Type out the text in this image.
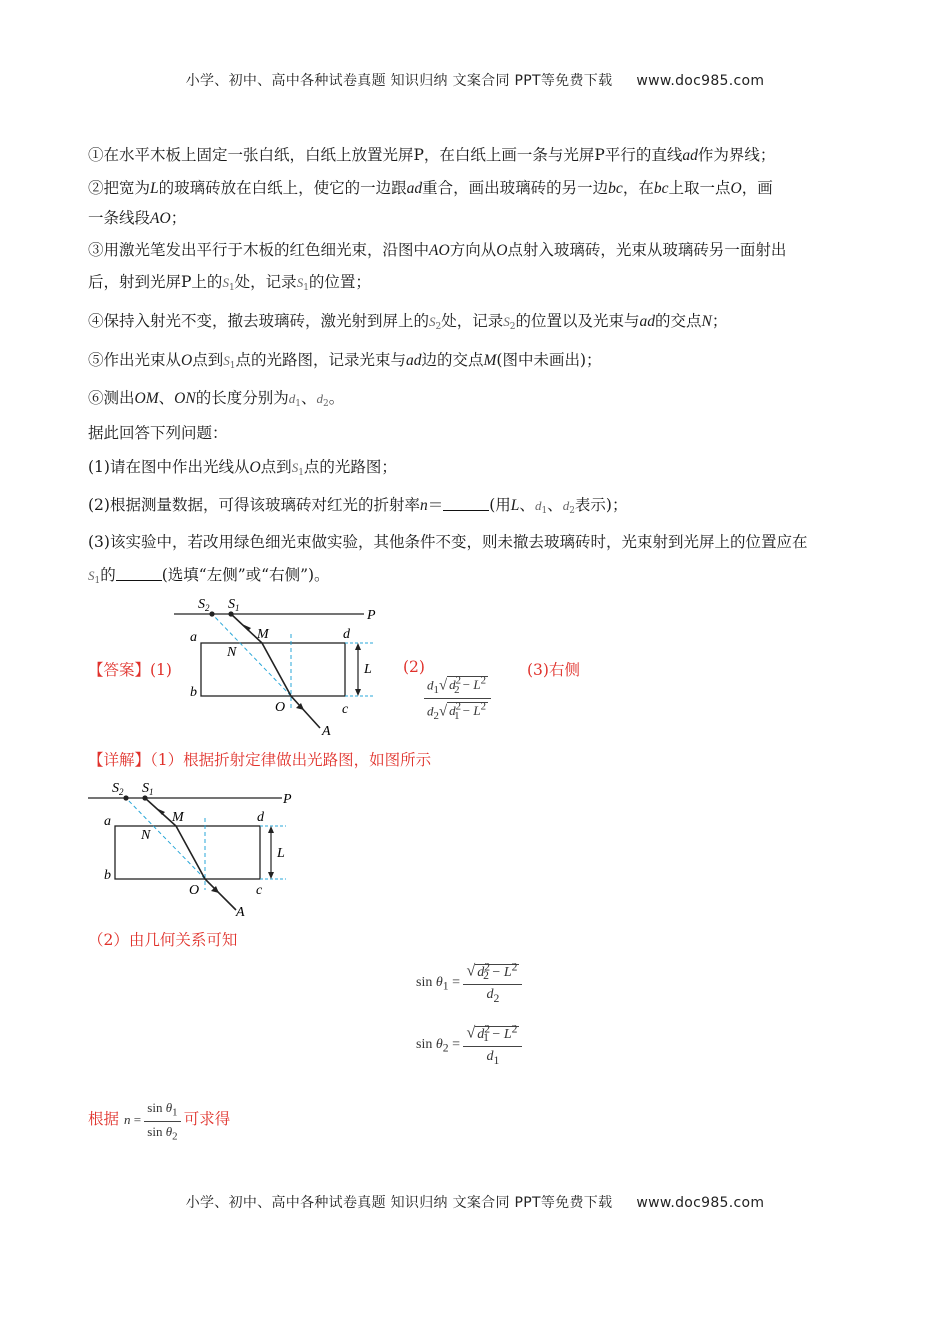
小学、初中、高中各种试卷真题 知识归纳 文案合同 PPT等免费下载 www.doc985.com
①在水平木板上固定一张白纸，白纸上放置光屏P，在白纸上画一条与光屏P平行的直线ad作为界线；
②把宽为L的玻璃砖放在白纸上，使它的一边跟ad重合，画出玻璃砖的另一边bc，在bc上取一点O，画
一条线段AO；
③用激光笔发出平行于木板的红色细光束，沿图中AO方向从O点射入玻璃砖，光束从玻璃砖另一面射出
后，射到光屏P上的$S_1$处，记录$S_1$的位置；
④保持入射光不变，撤去玻璃砖，激光射到屏上的$S_2$处，记录$S_2$的位置以及光束与ad的交点N；
⑤作出光束从O点到$S_1$点的光路图，记录光束与ad边的交点M(图中未画出)；
⑥测出OM、ON的长度分别为$d_1$、$d_2$。
据此回答下列问题：
(1)请在图中作出光线从O点到$S_1$点的光路图；
(2)根据测量数据，可得该玻璃砖对红光的折射率n＝	(用L、$d_1$、$d_2$表示)；
(3)该实验中，若改用绿色细光束做实验，其他条件不变，则未撤去玻璃砖时，光束射到光屏上的位置应在
$S_1$的	(选填“左侧”或“右侧”)。
【答案】(1)
$S_2$ $S_1$	P
a
b
c
d
M
N
O
A
L (2)
$\frac{d_1√ d^2_2 - L^2}{d_2√ d^2_1 - L^2}$
(3)右侧
【详解】（1）根据折射定律做出光路图，如图所示
$S_2$ $S_1$	P
a
b
c
d
M
N
O
A
L
（2）由几何关系可知
$\sin \theta_1 = \frac{√ d^2_2 - L^2}{d_2}$
$\sin \theta_2 = \frac{√ d^2_1 - L^2}{d_1}$
根据 $n = \frac{\sin \theta_1}{\sin \theta_2}$ 可求得
小学、初中、高中各种试卷真题 知识归纳 文案合同 PPT等免费下载 www.doc985.com
